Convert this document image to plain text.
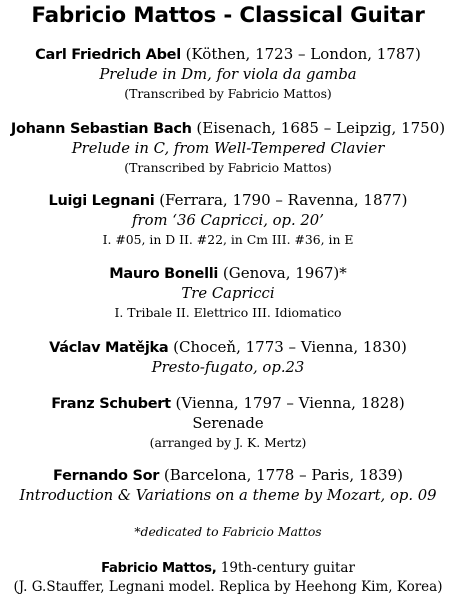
Fabricio Mattos - Classical Guitar
Carl Friedrich Abel (Köthen, 1723 – London, 1787)
Prelude in Dm, for viola da gamba
(Transcribed by Fabricio Mattos)
Johann Sebastian Bach (Eisenach, 1685 – Leipzig, 1750)
Prelude in C, from Well-Tempered Clavier
(Transcribed by Fabricio Mattos)
Luigi Legnani (Ferrara, 1790 – Ravenna, 1877)
from ‘36 Capricci, op. 20’
I. #05, in D II. #22, in Cm III. #36, in E
Mauro Bonelli (Genova, 1967)*
Tre Capricci
I. Tribale II. Elettrico III. Idiomatico
Václav Matějka (Choceň, 1773 – Vienna, 1830)
Presto-fugato, op.23
Franz Schubert (Vienna, 1797 – Vienna, 1828)
Serenade
(arranged by J. K. Mertz)
Fernando Sor (Barcelona, 1778 – Paris, 1839)
Introduction & Variations on a theme by Mozart, op. 09
*dedicated to Fabricio Mattos
Fabricio Mattos, 19th-century guitar
(J. G.Stauffer, Legnani model. Replica by Heehong Kim, Korea)
